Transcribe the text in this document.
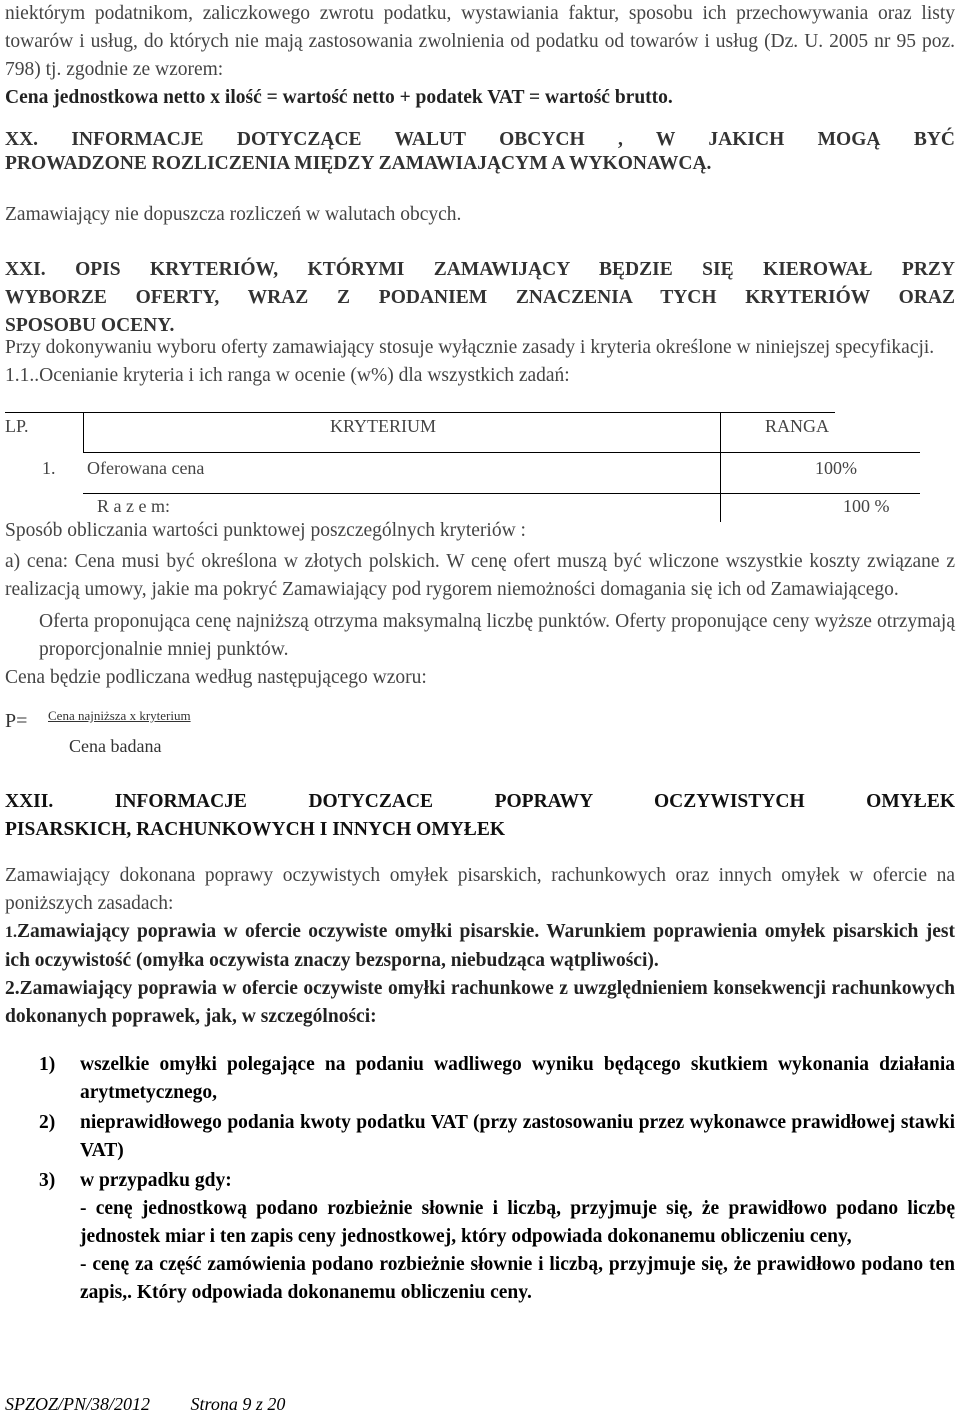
niektórym podatnikom, zaliczkowego zwrotu podatku, wystawiania faktur, sposobu ich przechowywania oraz listy towarów i usług, do których nie mają zastosowania zwolnienia od podatku od towarów i usług (Dz. U. 2005 nr 95 poz. 798) tj. zgodnie ze wzorem:

Cena jednostkowa netto x ilość = wartość netto + podatek VAT = wartość brutto.

XX. INFORMACJE DOTYCZĄCE WALUT OBCYCH , W JAKICH MOGĄ BYĆ
PROWADZONE ROZLICZENIA MIĘDZY ZAMAWIAJĄCYM A WYKONAWCĄ.

Zamawiający nie dopuszcza rozliczeń w walutach obcych.

XXI. OPIS KRYTERIÓW, KTÓRYMI ZAMAWIJĄCY BĘDZIE SIĘ KIEROWAŁ PRZY
WYBORZE OFERTY, WRAZ Z PODANIEM ZNACZENIA TYCH KRYTERIÓW ORAZ
SPOSOBU OCENY.

Przy dokonywaniu wyboru oferty zamawiający stosuje wyłącznie zasady i kryteria określone w niniejszej specyfikacji.

1.1..Ocenianie kryteria i ich ranga w ocenie (w%) dla wszystkich zadań:

LP.	KRYTERIUM	RANGA
1. Oferowana cena	100%
R a z e m:	100 %

Sposób obliczania wartości punktowej poszczególnych kryteriów :

a) cena: Cena musi być określona w złotych polskich. W cenę ofert muszą być wliczone wszystkie koszty związane z realizacją umowy, jakie ma pokryć Zamawiający pod rygorem niemożności domagania się ich od Zamawiającego.

Oferta proponująca cenę najniższą otrzyma maksymalną liczbę punktów. Oferty proponujące ceny wyższe otrzymają proporcjonalnie mniej punktów.

Cena będzie podliczana według następującego wzoru:

P= Cena najniższa x kryterium
Cena badana

XXII. INFORMACJE DOTYCZACE POPRAWY OCZYWISTYCH OMYŁEK
PISARSKICH, RACHUNKOWYCH I INNYCH OMYŁEK

Zamawiający dokonana poprawy oczywistych omyłek pisarskich, rachunkowych oraz innych omyłek w ofercie na poniższych zasadach:

1.Zamawiający poprawia w ofercie oczywiste omyłki pisarskie. Warunkiem poprawienia omyłek pisarskich jest ich oczywistość (omyłka oczywista znaczy bezsporna, niebudząca wątpliwości).

2.Zamawiający poprawia w ofercie oczywiste omyłki rachunkowe z uwzględnieniem konsekwencji rachunkowych dokonanych poprawek, jak, w szczególności:

1) wszelkie omyłki polegające na podaniu wadliwego wyniku będącego skutkiem wykonania działania arytmetycznego,
2) nieprawidłowego podania kwoty podatku VAT (przy zastosowaniu przez wykonawce prawidłowej stawki VAT)
3) w przypadku gdy:
- cenę jednostkową podano rozbieżnie słownie i liczbą, przyjmuje się, że prawidłowo podano liczbę jednostek miar i ten zapis ceny jednostkowej, który odpowiada dokonanemu obliczeniu ceny,
- cenę za część zamówienia podano rozbieżnie słownie i liczbą, przyjmuje się, że prawidłowo podano ten zapis,. Który odpowiada dokonanemu obliczeniu ceny.
SPZOZ/PN/38/2012 Strona 9 z 20
